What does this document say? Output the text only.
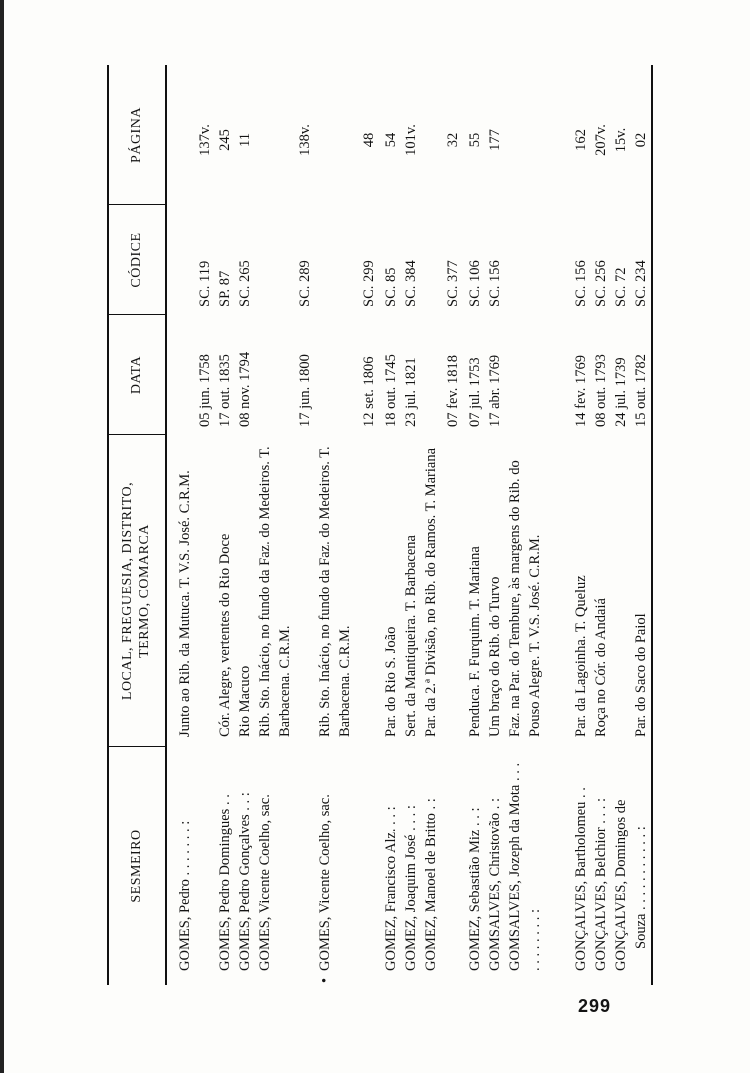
SESMEIRO
LOCAL, FREGUESIA, DISTRITO, TERMO, COMARCA
DATA
CÓDICE
PÁGINA
GOMES, Pedro . . . . . . . :
Junto ao Rib. da Mutuca. T. V.S. José. C.R.M.
05 jun. 1758
SC. 119
137v.
GOMES, Pedro Domingues . .
Cór. Alegre, vertentes do Rio Doce
17 out. 1835
SP. 87
245
GOMES, Pedro Gonçalves . . :
Rio Macuco
08 nov. 1794
SC. 265
11
GOMES, Vicente Coelho, sac.
Rib. Sto. Inácio, no fundo da Faz. do Medeiros. T. Barbacena. C.R.M.
17 jun. 1800
SC. 289
138v.
•
GOMES, Vicente Coelho, sac.
Rib. Sto. Inácio, no fundo da Faz. do Medeiros. T. Barbacena. C.R.M.
12 set. 1806
SC. 299
48
GOMEZ, Francisco Alz. . . :
Par. do Rio S. João
18 out. 1745
SC. 85
54
GOMEZ, Joaquim José . . . :
Sert. da Mantiqueira. T. Barbacena
23 jul. 1821
SC. 384
101v.
GOMEZ, Manoel de Britto . :
Par. da 2.ª Divisão, no Rib. do Ramos. T. Mariana
07 fev. 1818
SC. 377
32
GOMEZ, Sebastião Miz . . :
Penduca. F. Furquim. T. Mariana
07 jul. 1753
SC. 106
55
GOMSALVES, Christovão . :
Um braço do Rib. do Turvo
17 abr. 1769
SC. 156
177
GOMSALVES, Jozeph da Mota . . . . . . . . . . . :
Faz. na Par. do Tembure, às margens do Rib. do Pouso Alegre. T. V.S. José. C.R.M.
GONÇALVES, Bartholomeu . .
Par. da Lagoinha. T. Queluz
14 fev. 1769
SC. 156
162
GONÇALVES, Belchior . . . :
Roça no Cór. do Andaiá
08 out. 1793
SC. 256
207v.
GONÇALVES, Domingos de
24 jul. 1739
SC. 72
15v.
Souza . . . . . . . . . . . :
Par. do Saco do Paiol
15 out. 1782
SC. 234
02
299
